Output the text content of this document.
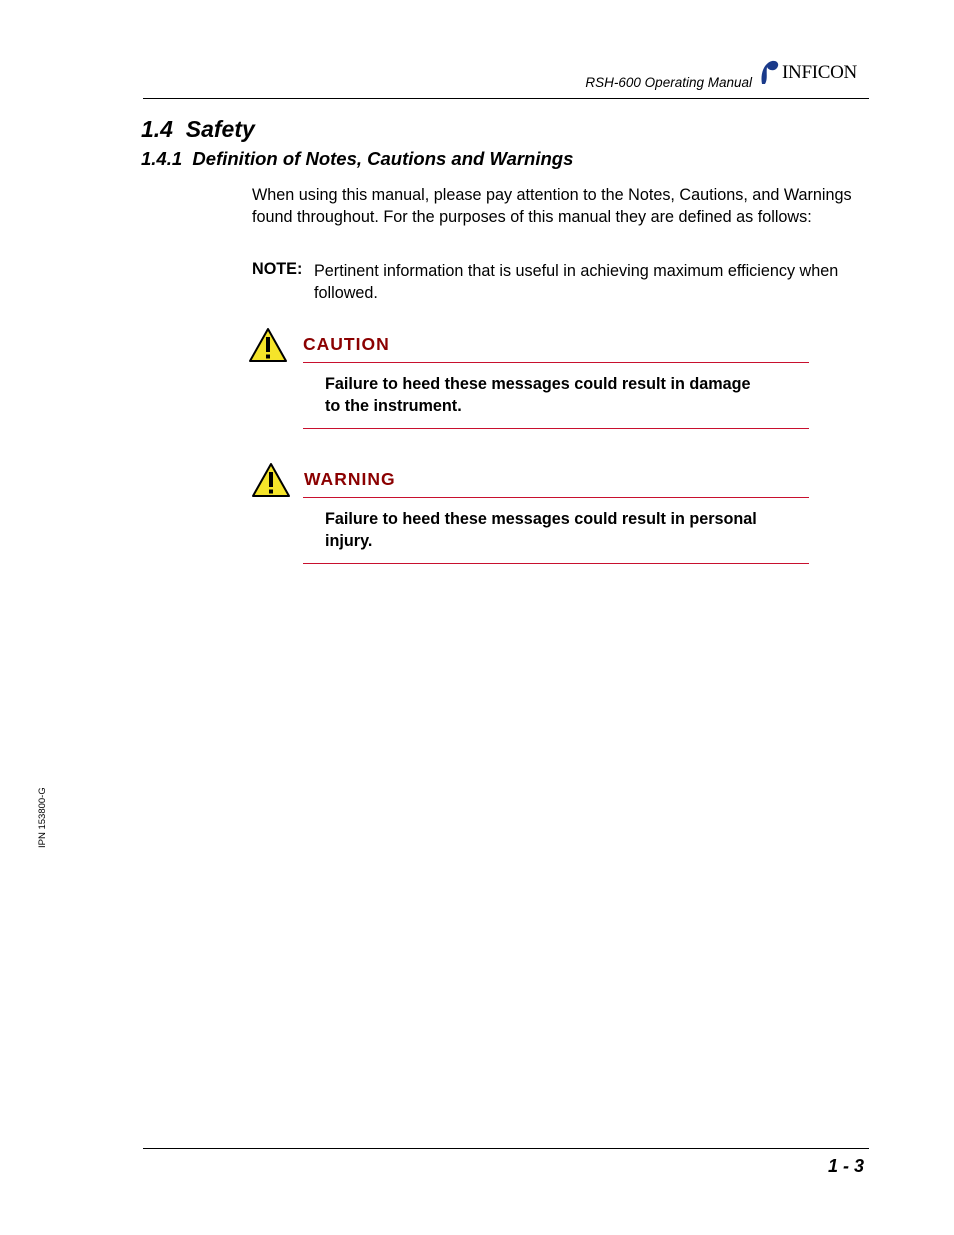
RSH-600 Operating Manual INFICON
1.4  Safety
1.4.1  Definition of Notes, Cautions and Warnings
When using this manual, please pay attention to the Notes, Cautions, and Warnings found throughout. For the purposes of this manual they are defined as follows:
NOTE: Pertinent information that is useful in achieving maximum efficiency when followed.
CAUTION
Failure to heed these messages could result in damage
to the instrument.
WARNING
Failure to heed these messages could result in personal
injury.
IPN 153800-G
1 - 3
